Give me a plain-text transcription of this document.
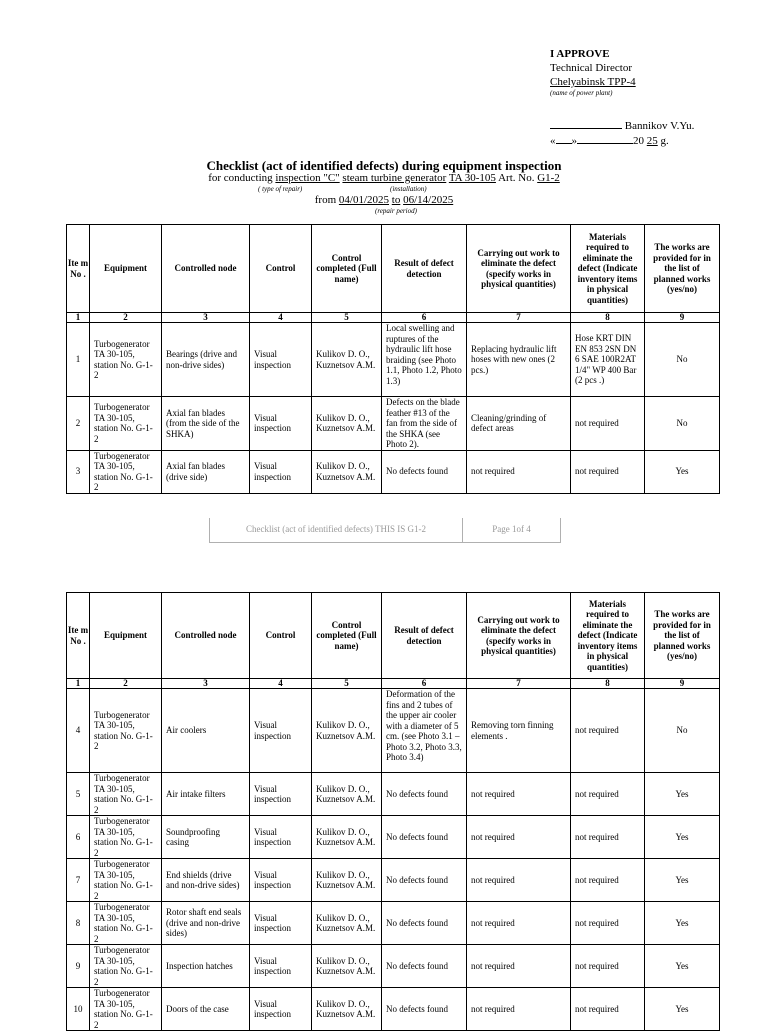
I APPROVE
Technical Director
Chelyabinsk TPP-4
(name of power plant)
Bannikov V.Yu.
« »	20 25 g.
Checklist (act of identified defects) during equipment inspection
for conducting inspection "C" steam turbine generator TA 30-105 Art. No. G1-2
( type of repair)	(installation)
from 04/01/2025 to 06/14/2025
(repair period)
Ite m No .	Equipment	Controlled node	Control	Control completed (Full name)	Result of defect detection	Carrying out work to eliminate the defect (specify works in physical quantities)	Materials required to eliminate the defect (Indicate inventory items in physical quantities)	The works are provided for in the list of planned works (yes/no)
1	2	3	4	5	6	7	8	9
1	Turbogenerator TA 30-105, station No. G-1-2	Bearings (drive and non-drive sides)	Visual inspection	Kulikov D. O., Kuznetsov A.M.	Local swelling and ruptures of the hydraulic lift hose braiding (see Photo 1.1, Photo 1.2, Photo 1.3)	Replacing hydraulic lift hoses with new ones (2 pcs.)	Hose KRT DIN EN 853 2SN DN 6 SAE 100R2AT 1/4" WP 400 Bar (2 pcs .)	No
2	Turbogenerator TA 30-105, station No. G-1-2	Axial fan blades (from the side of the SHKA)	Visual inspection	Kulikov D. O., Kuznetsov A.M.	Defects on the blade feather #13 of the fan from the side of the SHKA (see Photo 2).	Cleaning/grinding of defect areas	not required	No
3	Turbogenerator TA 30-105, station No. G-1-2	Axial fan blades (drive side)	Visual inspection	Kulikov D. O., Kuznetsov A.M.	No defects found	not required	not required	Yes
Checklist (act of identified defects) THIS IS G1-2	Page 1of 4
Ite m No .	Equipment	Controlled node	Control	Control completed (Full name)	Result of defect detection	Carrying out work to eliminate the defect (specify works in physical quantities)	Materials required to eliminate the defect (Indicate inventory items in physical quantities)	The works are provided for in the list of planned works (yes/no)
1	2	3	4	5	6	7	8	9
4	Turbogenerator TA 30-105, station No. G-1-2	Air coolers	Visual inspection	Kulikov D. O., Kuznetsov A.M.	Deformation of the fins and 2 tubes of the upper air cooler with a diameter of 5 cm. (see Photo 3.1 – Photo 3.2, Photo 3.3, Photo 3.4)	Removing torn finning elements .	not required	No
5	Turbogenerator TA 30-105, station No. G-1-2	Air intake filters	Visual inspection	Kulikov D. O., Kuznetsov A.M.	No defects found	not required	not required	Yes
6	Turbogenerator TA 30-105, station No. G-1-2	Soundproofing casing	Visual inspection	Kulikov D. O., Kuznetsov A.M.	No defects found	not required	not required	Yes
7	Turbogenerator TA 30-105, station No. G-1-2	End shields (drive and non-drive sides)	Visual inspection	Kulikov D. O., Kuznetsov A.M.	No defects found	not required	not required	Yes
8	Turbogenerator TA 30-105, station No. G-1-2	Rotor shaft end seals (drive and non-drive sides)	Visual inspection	Kulikov D. O., Kuznetsov A.M.	No defects found	not required	not required	Yes
9	Turbogenerator TA 30-105, station No. G-1-2	Inspection hatches	Visual inspection	Kulikov D. O., Kuznetsov A.M.	No defects found	not required	not required	Yes
10	Turbogenerator TA 30-105, station No. G-1-2	Doors of the case	Visual inspection	Kulikov D. O., Kuznetsov A.M.	No defects found	not required	not required	Yes
